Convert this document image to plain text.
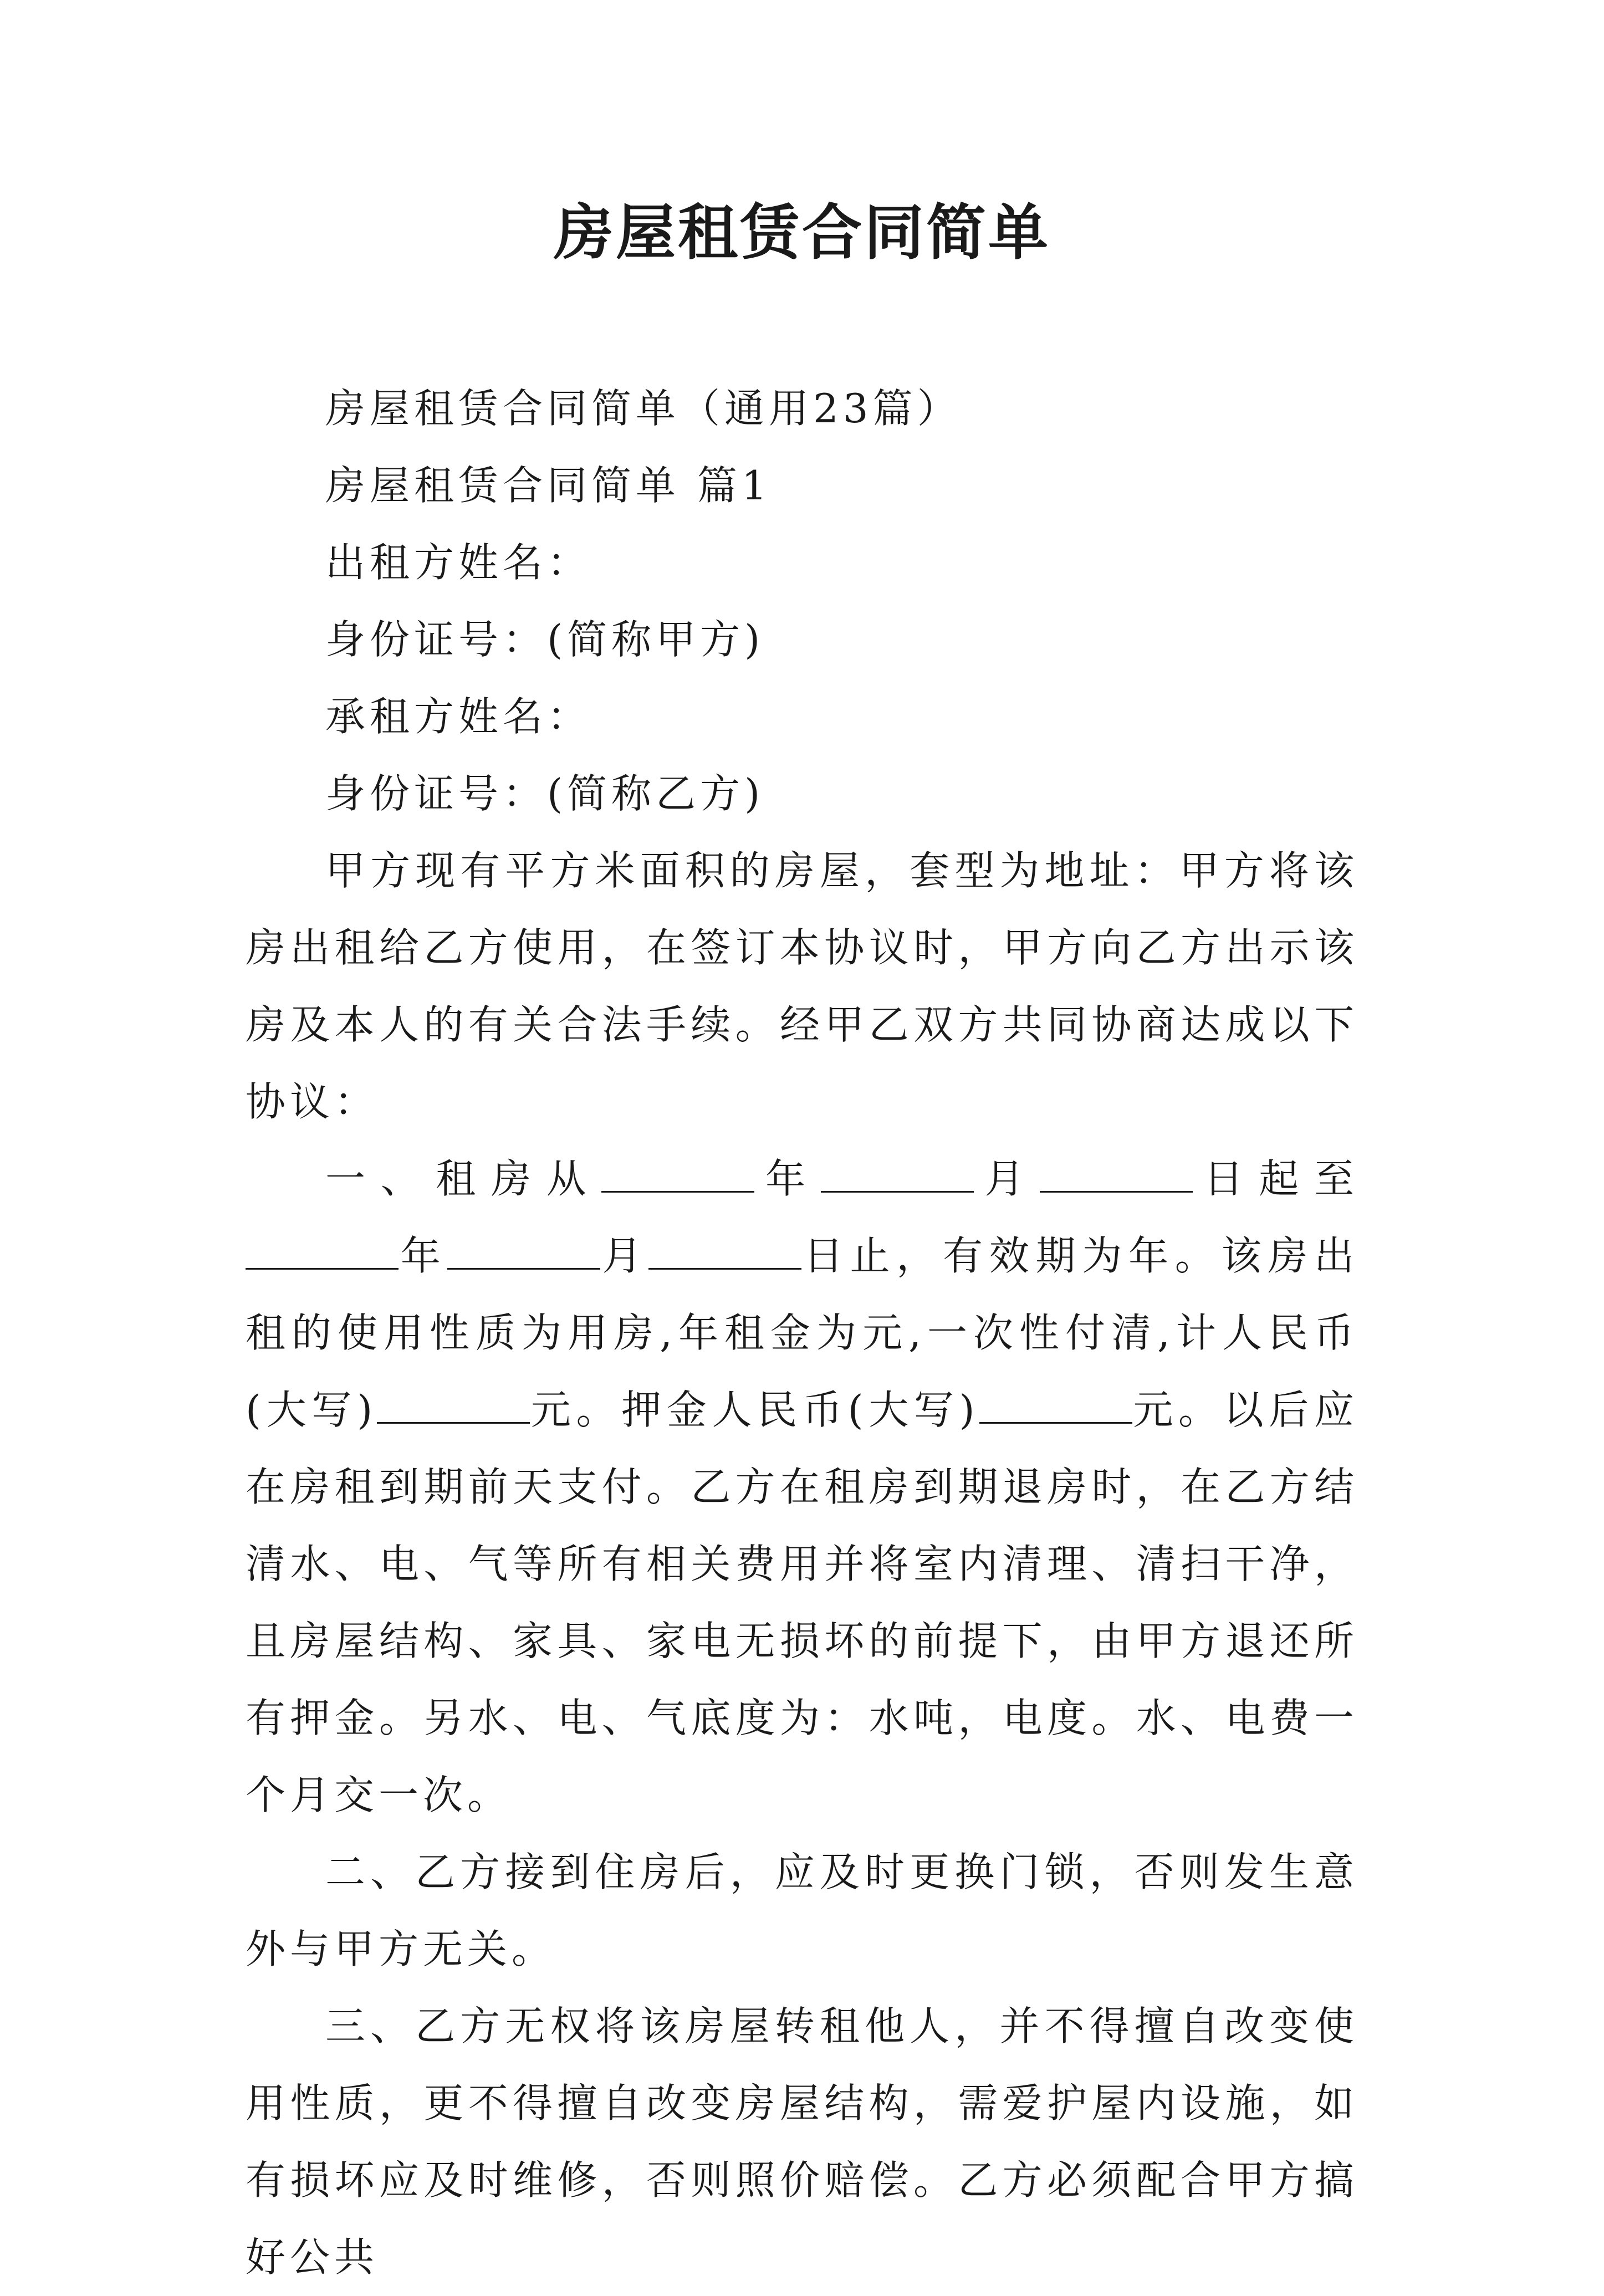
房屋租赁合同简单

房屋租赁合同简单（通用23篇）

房屋租赁合同简单 篇1

出租方姓名：

身份证号：(简称甲方)

承租方姓名：

身份证号：(简称乙方)

甲方现有平方米面积的房屋，套型为地址：甲方将该房出租给乙方使用，在签订本协议时，甲方向乙方出示该房及本人的有关合法手续。经甲乙双方共同协商达成以下协议：

一、租房从	年	月	日起至年	月	日止，有效期为年。该房出租的使用性质为用房,年租金为元,一次性付清,计人民币(大写)	元。押金人民币(大写)	元。以后应在房租到期前天支付。乙方在租房到期退房时，在乙方结清水、电、气等所有相关费用并将室内清理、清扫干净，且房屋结构、家具、家电无损坏的前提下，由甲方退还所有押金。另水、电、气底度为：水吨，电度。水、电费一个月交一次。

二、乙方接到住房后，应及时更换门锁，否则发生意外与甲方无关。

三、乙方无权将该房屋转租他人，并不得擅自改变使用性质，更不得擅自改变房屋结构，需爱护屋内设施，如有损坏应及时维修，否则照价赔偿。乙方必须配合甲方搞好公共
